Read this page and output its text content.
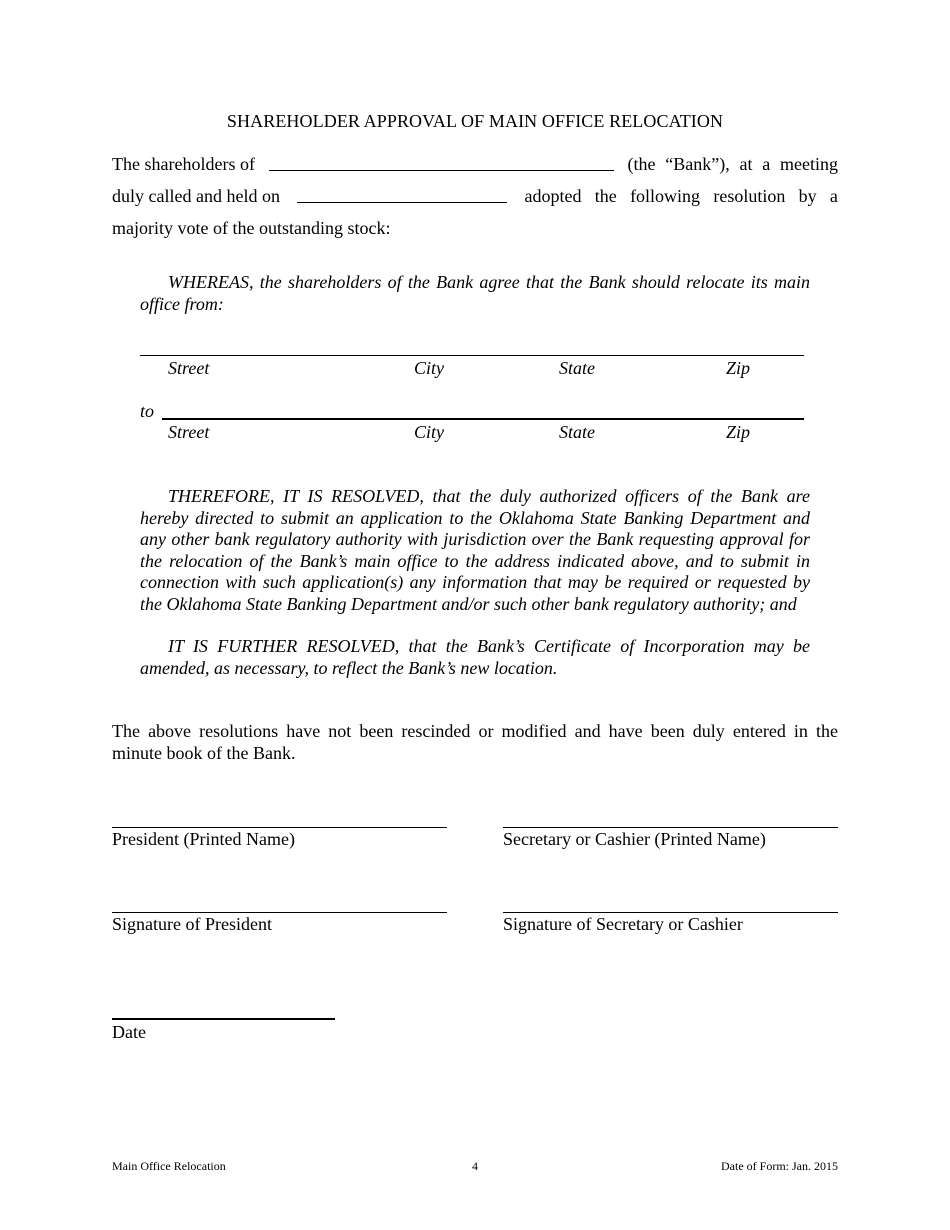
SHAREHOLDER APPROVAL OF MAIN OFFICE RELOCATION
The shareholders of	(the “Bank”), at a meeting
duly called and held on	adopted the following resolution by a
majority vote of the outstanding stock:
WHEREAS, the shareholders of the Bank agree that the Bank should relocate its main office from:
Street	City	State	Zip
to
Street	City	State	Zip
THEREFORE, IT IS RESOLVED, that the duly authorized officers of the Bank are hereby directed to submit an application to the Oklahoma State Banking Department and any other bank regulatory authority with jurisdiction over the Bank requesting approval for the relocation of the Bank’s main office to the address indicated above, and to submit in connection with such application(s) any information that may be required or requested by the Oklahoma State Banking Department and/or such other bank regulatory authority; and
IT IS FURTHER RESOLVED, that the Bank’s Certificate of Incorporation may be amended, as necessary, to reflect the Bank’s new location.
The above resolutions have not been rescinded or modified and have been duly entered in the minute book of the Bank.
President (Printed Name)	Secretary or Cashier (Printed Name)
Signature of President	Signature of Secretary or Cashier
Date
Main Office Relocation	4	Date of Form: Jan. 2015
